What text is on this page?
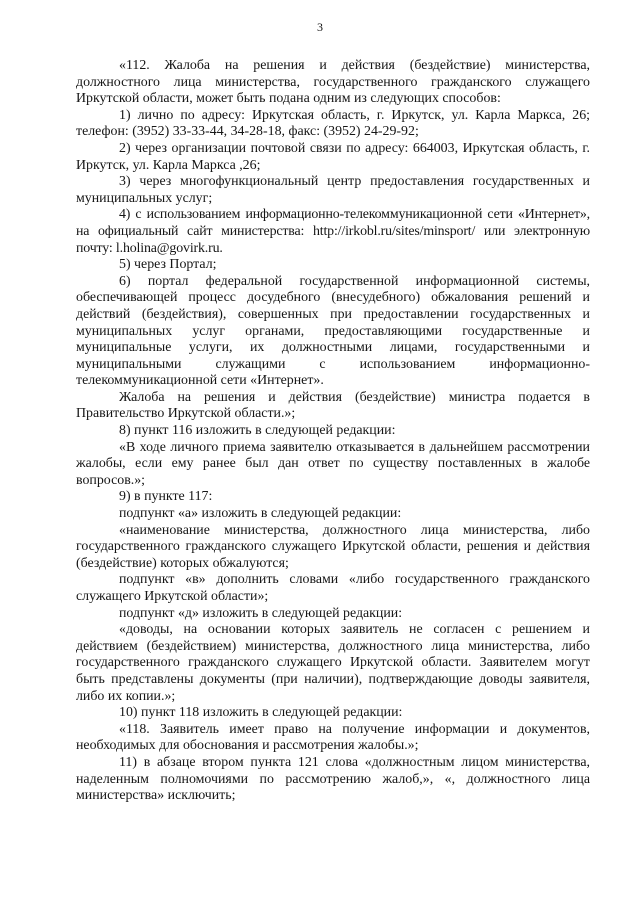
3

«112. Жалоба на решения и действия (бездействие) министерства, должностного лица министерства, государственного гражданского служащего Иркутской области, может быть подана одним из следующих способов:

1) лично по адресу: Иркутская область, г. Иркутск, ул. Карла Маркса, 26; телефон: (3952) 33-33-44, 34-28-18, факс: (3952) 24-29-92;

2) через организации почтовой связи по адресу: 664003, Иркутская область, г. Иркутск, ул. Карла Маркса ,26;

3) через многофункциональный центр предоставления государственных и муниципальных услуг;

4) с использованием информационно-телекоммуникационной сети «Интернет», на официальный сайт министерства: http://irkobl.ru/sites/minsport/ или электронную почту: l.holina@govirk.ru.

5) через Портал;

6) портал федеральной государственной информационной системы, обеспечивающей процесс досудебного (внесудебного) обжалования решений и действий (бездействия), совершенных при предоставлении государственных и муниципальных услуг органами, предоставляющими государственные и муниципальные услуги, их должностными лицами, государственными и муниципальными служащими с использованием информационно-телекоммуникационной сети «Интернет».

Жалоба на решения и действия (бездействие) министра подается в Правительство Иркутской области.»;

8) пункт 116 изложить в следующей редакции:

«В ходе личного приема заявителю отказывается в дальнейшем рассмотрении жалобы, если ему ранее был дан ответ по существу поставленных в жалобе вопросов.»;

9) в пункте 117:

подпункт «а» изложить в следующей редакции:

«наименование министерства, должностного лица министерства, либо государственного гражданского служащего Иркутской области, решения и действия (бездействие) которых обжалуются;

подпункт «в» дополнить словами «либо государственного гражданского служащего Иркутской области»;

подпункт «д» изложить в следующей редакции:

«доводы, на основании которых заявитель не согласен с решением и действием (бездействием) министерства, должностного лица министерства, либо государственного гражданского служащего Иркутской области. Заявителем могут быть представлены документы (при наличии), подтверждающие доводы заявителя, либо их копии.»;

10) пункт 118 изложить в следующей редакции:

«118. Заявитель имеет право на получение информации и документов, необходимых для обоснования и рассмотрения жалобы.»;

11) в абзаце втором пункта 121 слова «должностным лицом министерства, наделенным полномочиями по рассмотрению жалоб,», «, должностного лица министерства» исключить;
